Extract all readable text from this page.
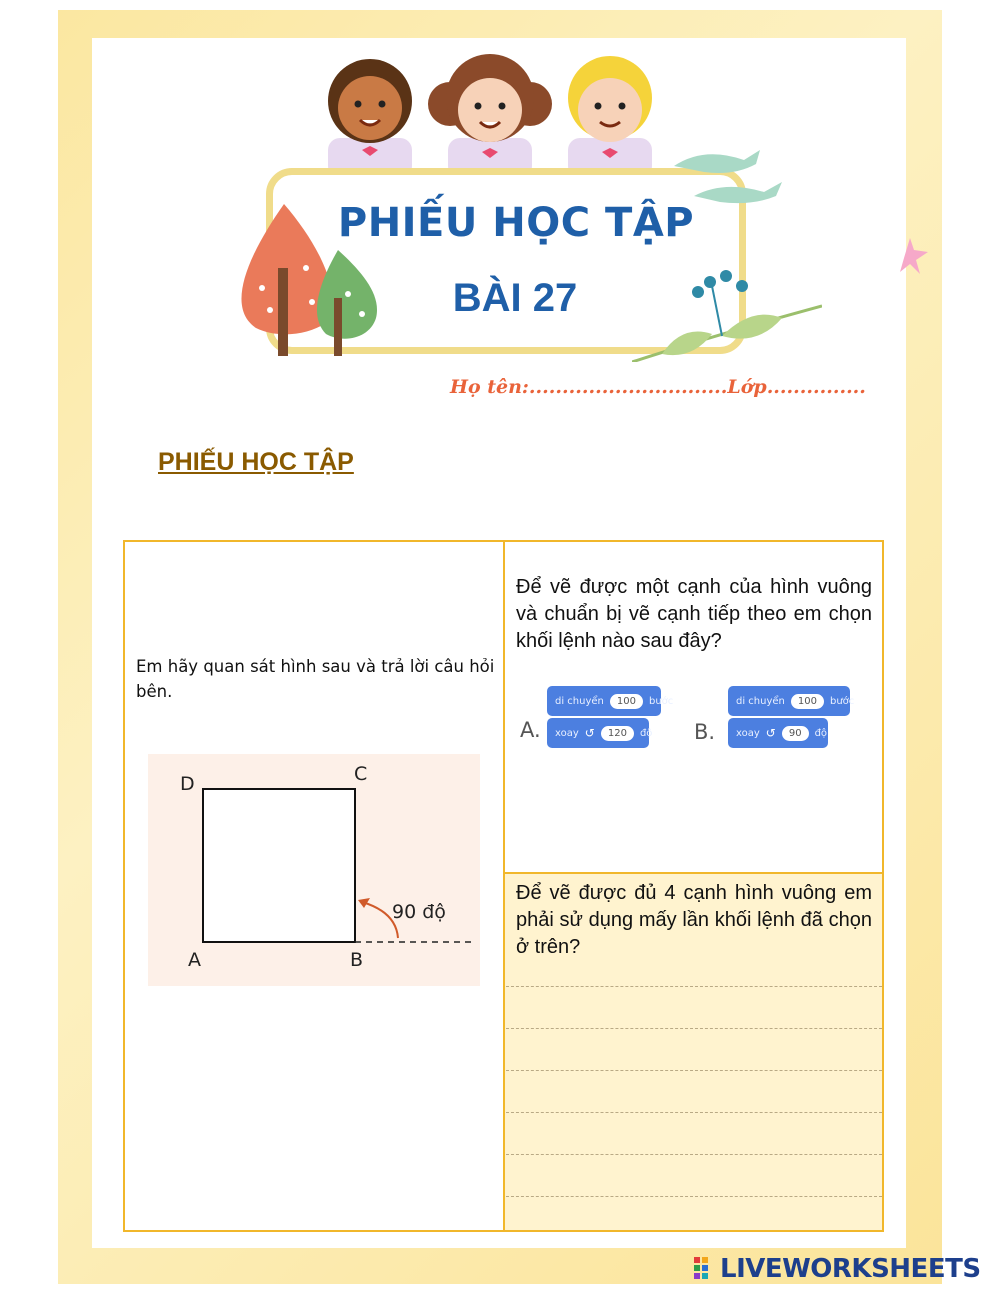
PHIẾU HỌC TẬP
BÀI 27
Họ tên:..............................Lớp...............
PHIẾU HỌC TẬP
Em hãy quan sát hình sau và trả lời câu hỏi bên.
D	C
A	B
90 độ
Để vẽ được một cạnh của hình vuông và chuẩn bị vẽ cạnh tiếp theo em chọn khối lệnh nào sau đây?
A.
di chuyển	100	bước
xoay ↺	120	độ B.
di chuyển	100	bước
xoay ↺	90	độ
Để vẽ được đủ 4 cạnh hình vuông em phải sử dụng mấy lần khối lệnh đã chọn ở trên?
LIVEWORKSHEETS
